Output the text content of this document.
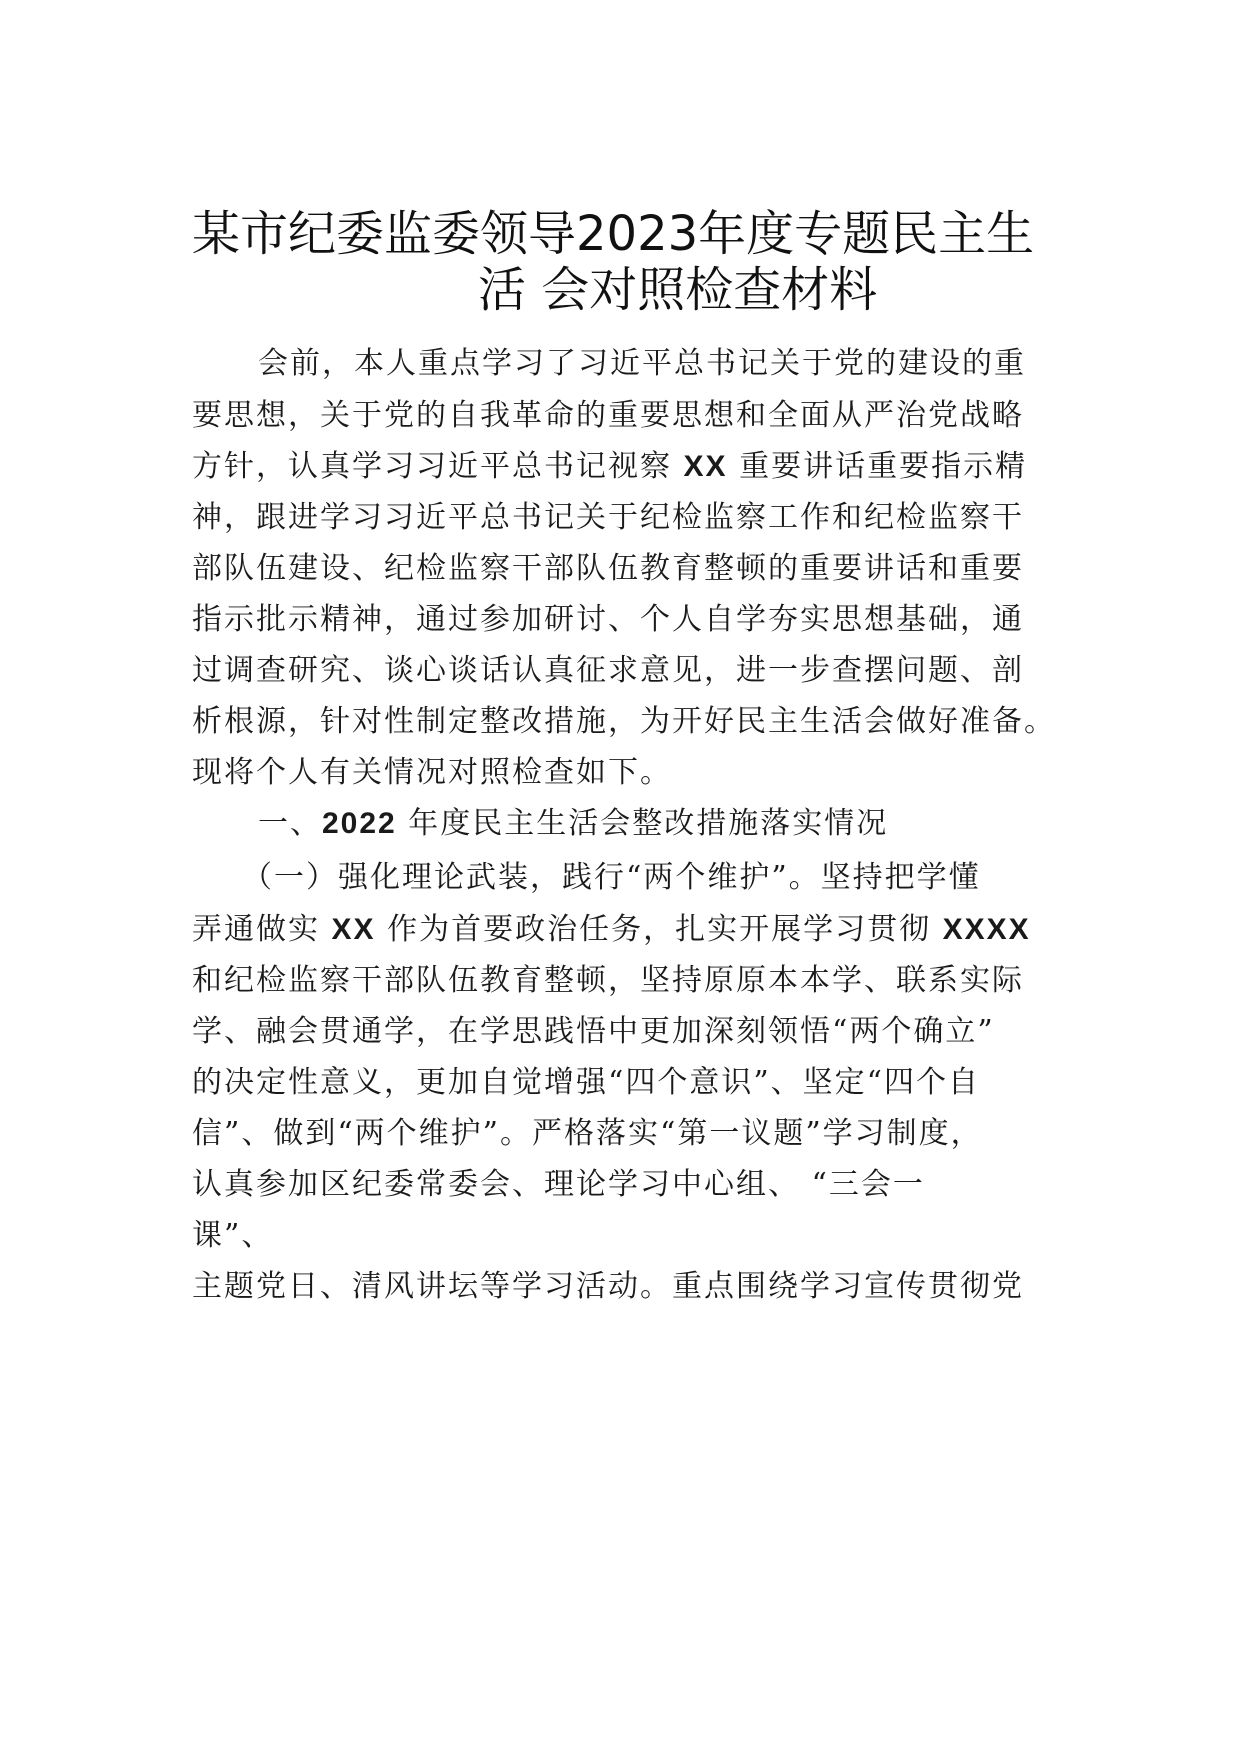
某市纪委监委领导2023年度专题民主生
活 会对照检查材料
会前，本人重点学习了习近平总书记关于党的建设的重
要思想，关于党的自我革命的重要思想和全面从严治党战略
方针，认真学习习近平总书记视察 XX 重要讲话重要指示精
神，跟进学习习近平总书记关于纪检监察工作和纪检监察干
部队伍建设、纪检监察干部队伍教育整顿的重要讲话和重要
指示批示精神，通过参加研讨、个人自学夯实思想基础，通
过调查研究、谈心谈话认真征求意见，进一步查摆问题、剖
析根源，针对性制定整改措施，为开好民主生活会做好准备。
现将个人有关情况对照检查如下。
一、2022 年度民主生活会整改措施落实情况
（一）强化理论武装，践行“两个维护”。坚持把学懂
弄通做实 XX 作为首要政治任务，扎实开展学习贯彻 XXXX
和纪检监察干部队伍教育整顿，坚持原原本本学、联系实际
学、融会贯通学，在学思践悟中更加深刻领悟“两个确立”
的决定性意义，更加自觉增强“四个意识”、坚定“四个自
信”、做到“两个维护”。严格落实“第一议题”学习制度，
认真参加区纪委常委会、理论学习中心组、 “三会一
课”、
主题党日、清风讲坛等学习活动。重点围绕学习宣传贯彻党
